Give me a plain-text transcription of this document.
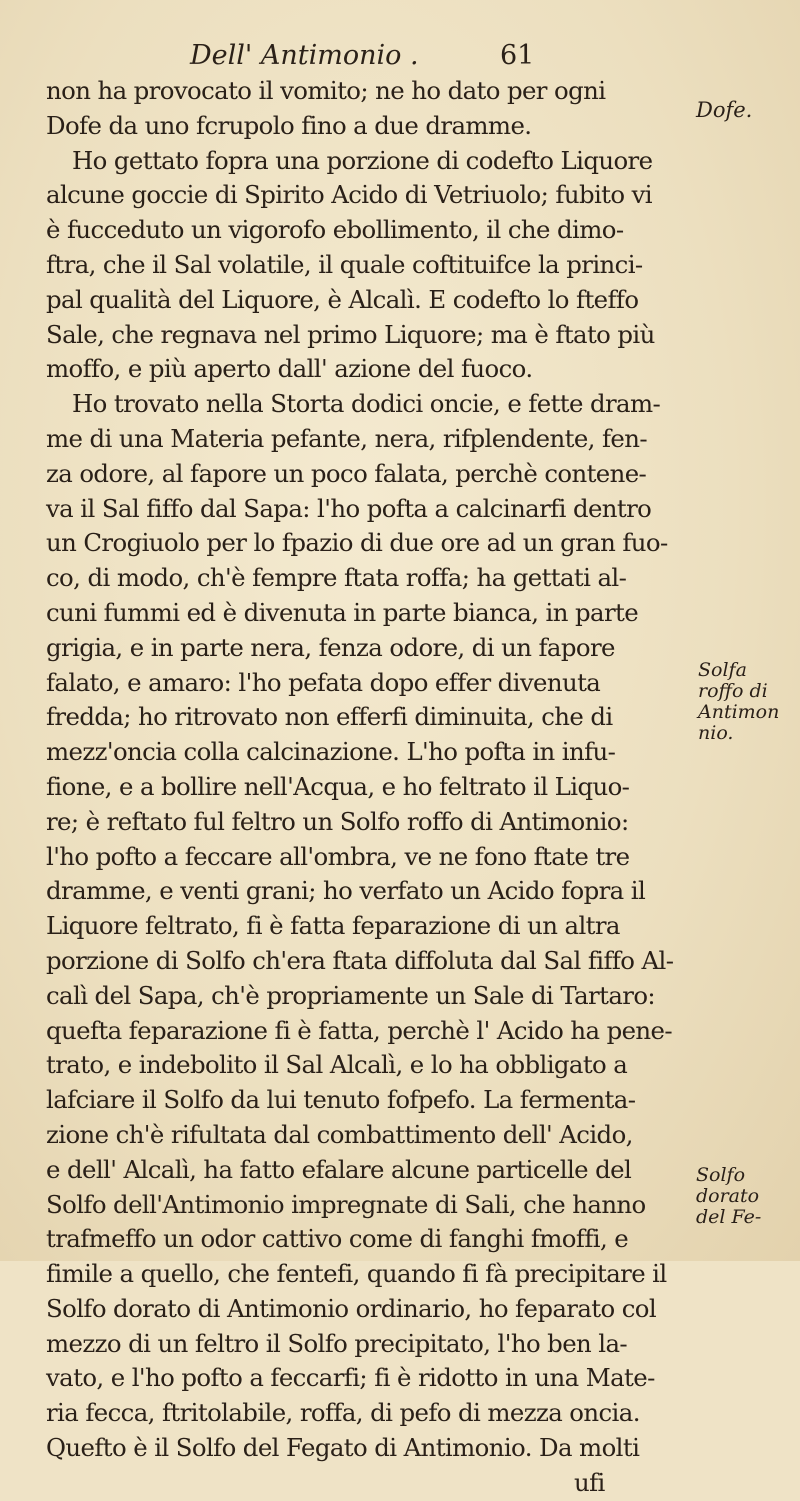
Dell' Antimonio .	61
non ha provocato il vomito; ne ho dato per ogni
Dofe da uno fcrupolo fino a due dramme.
Ho gettato fopra una porzione di codefto Liquore
alcune goccie di Spirito Acido di Vetriuolo; fubito vi
è fucceduto un vigorofo ebollimento, il che dimo-
ftra, che il Sal volatile, il quale coftituifce la princi-
pal qualità del Liquore, è Alcalì. E codefto lo fteffo
Sale, che regnava nel primo Liquore; ma è ftato più
moffo, e più aperto dall' azione del fuoco.
Ho trovato nella Storta dodici oncie, e fette dram-
me di una Materia pefante, nera, rifplendente, fen-
za odore, al fapore un poco falata, perchè contene-
va il Sal fiffo dal Sapa: l'ho pofta a calcinarfi dentro
un Crogiuolo per lo fpazio di due ore ad un gran fuo-
co, di modo, ch'è fempre ftata roffa; ha gettati al-
cuni fummi ed è divenuta in parte bianca, in parte
grigia, e in parte nera, fenza odore, di un fapore
falato, e amaro: l'ho pefata dopo effer divenuta
fredda; ho ritrovato non efferfi diminuita, che di
mezz'oncia colla calcinazione. L'ho pofta in infu-
fione, e a bollire nell'Acqua, e ho feltrato il Liquo-
re; è reftato ful feltro un Solfo roffo di Antimonio:
l'ho pofto a feccare all'ombra, ve ne fono ftate tre
dramme, e venti grani; ho verfato un Acido fopra il
Liquore feltrato, fi è fatta feparazione di un altra
porzione di Solfo ch'era ftata diffoluta dal Sal fiffo Al-
calì del Sapa, ch'è propriamente un Sale di Tartaro:
quefta feparazione fi è fatta, perchè l' Acido ha pene-
trato, e indebolito il Sal Alcalì, e lo ha obbligato a
lafciare il Solfo da lui tenuto fofpefo. La fermenta-
zione ch'è rifultata dal combattimento dell' Acido,
e dell' Alcalì, ha fatto efalare alcune particelle del
Solfo dell'Antimonio impregnate di Sali, che hanno
trafmeffo un odor cattivo come di fanghi fmoffi, e
fimile a quello, che fentefi, quando fi fà precipitare il
Solfo dorato di Antimonio ordinario, ho feparato col
mezzo di un feltro il Solfo precipitato, l'ho ben la-
vato, e l'ho pofto a feccarfi; fi è ridotto in una Mate-
ria fecca, ftritolabile, roffa, di pefo di mezza oncia.
Quefto è il Solfo del Fegato di Antimonio. Da molti
ufi
Dofe.
Solfa
roffo di
Antimon
nio.
Solfo
dorato
del Fe-
